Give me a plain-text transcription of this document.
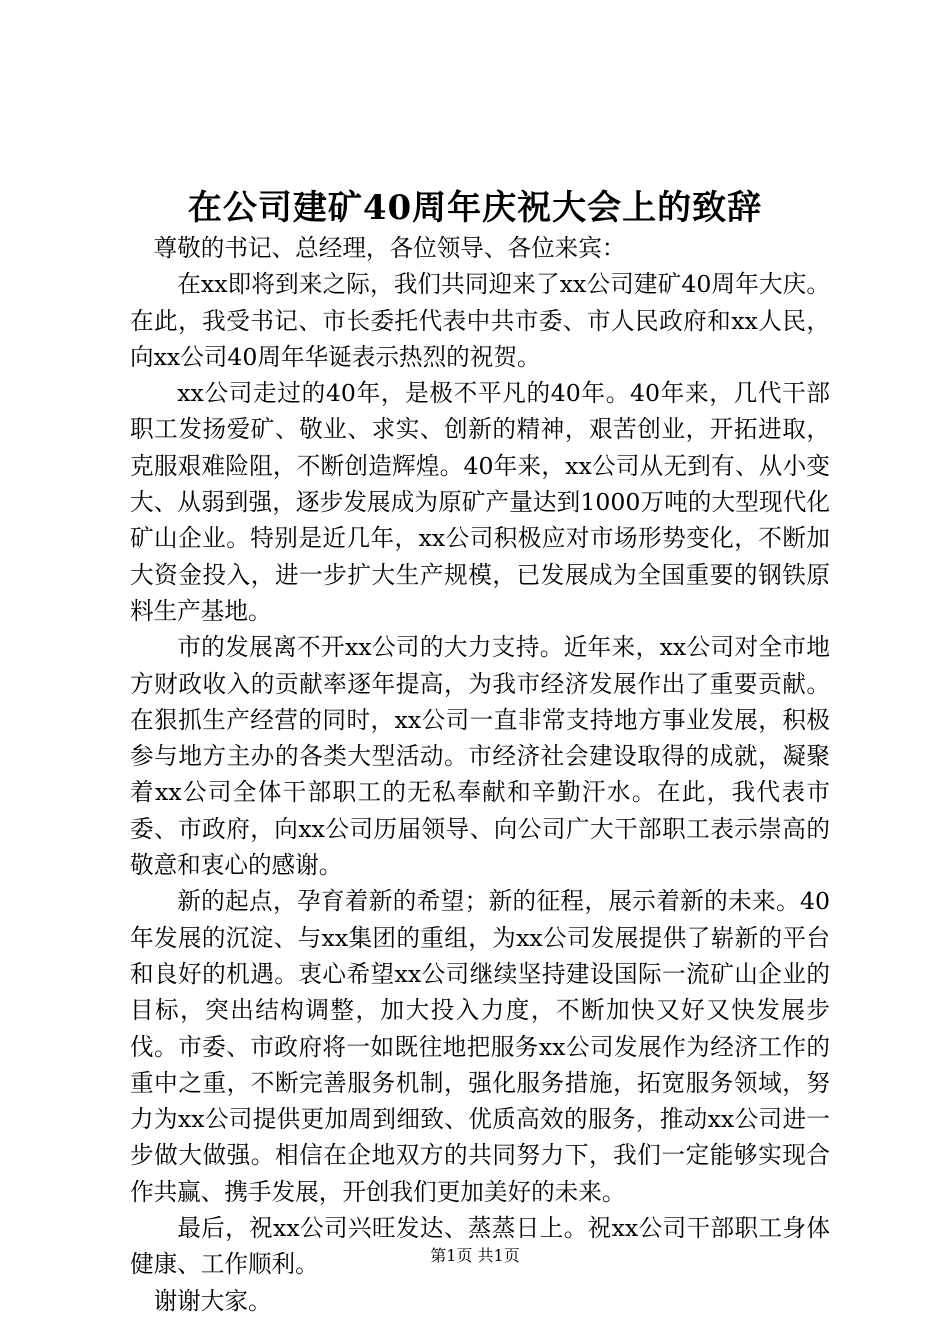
在公司建矿40周年庆祝大会上的致辞

尊敬的书记、总经理，各位领导、各位来宾：

在xx即将到来之际，我们共同迎来了xx公司建矿40周年大庆。在此，我受书记、市长委托代表中共市委、市人民政府和xx人民，向xx公司40周年华诞表示热烈的祝贺。

xx公司走过的40年，是极不平凡的40年。40年来，几代干部职工发扬爱矿、敬业、求实、创新的精神，艰苦创业，开拓进取，克服艰难险阻，不断创造辉煌。40年来，xx公司从无到有、从小变大、从弱到强，逐步发展成为原矿产量达到1000万吨的大型现代化矿山企业。特别是近几年，xx公司积极应对市场形势变化，不断加大资金投入，进一步扩大生产规模，已发展成为全国重要的钢铁原料生产基地。

市的发展离不开xx公司的大力支持。近年来，xx公司对全市地方财政收入的贡献率逐年提高，为我市经济发展作出了重要贡献。在狠抓生产经营的同时，xx公司一直非常支持地方事业发展，积极参与地方主办的各类大型活动。市经济社会建设取得的成就，凝聚着xx公司全体干部职工的无私奉献和辛勤汗水。在此，我代表市委、市政府，向xx公司历届领导、向公司广大干部职工表示崇高的敬意和衷心的感谢。

新的起点，孕育着新的希望；新的征程，展示着新的未来。40年发展的沉淀、与xx集团的重组，为xx公司发展提供了崭新的平台和良好的机遇。衷心希望xx公司继续坚持建设国际一流矿山企业的目标，突出结构调整，加大投入力度，不断加快又好又快发展步伐。市委、市政府将一如既往地把服务xx公司发展作为经济工作的重中之重，不断完善服务机制，强化服务措施，拓宽服务领域，努力为xx公司提供更加周到细致、优质高效的服务，推动xx公司进一步做大做强。相信在企地双方的共同努力下，我们一定能够实现合作共赢、携手发展，开创我们更加美好的未来。

最后，祝xx公司兴旺发达、蒸蒸日上。祝xx公司干部职工身体健康、工作顺利。

谢谢大家。

第1页 共1页
